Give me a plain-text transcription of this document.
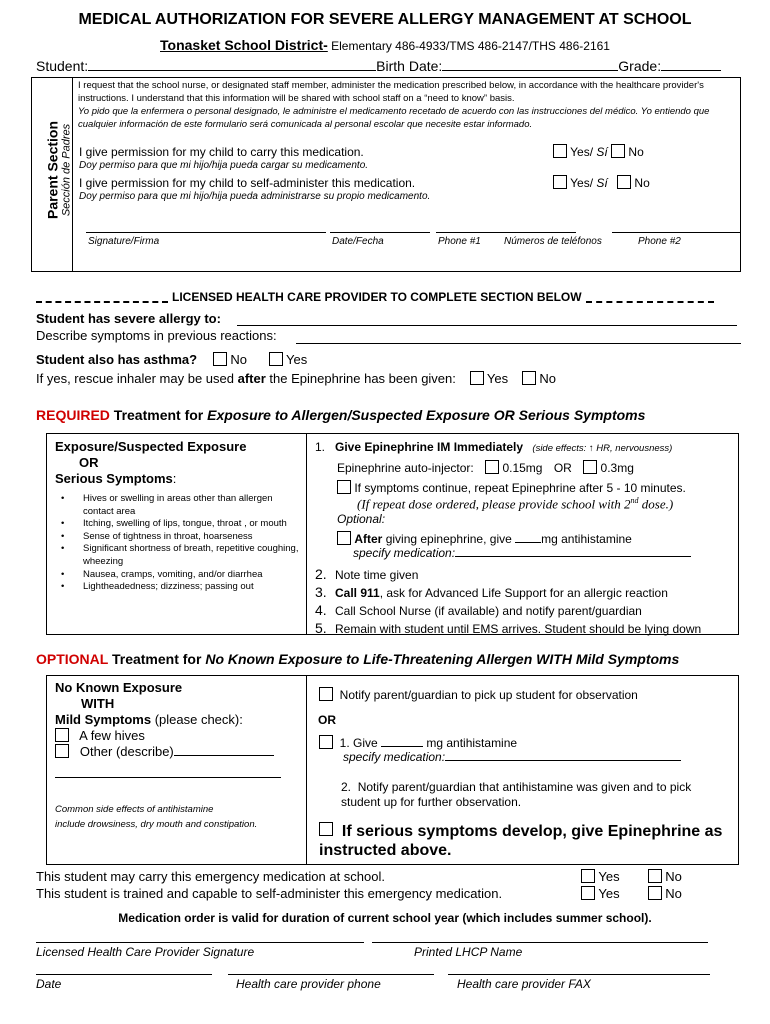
MEDICAL AUTHORIZATION FOR SEVERE ALLERGY MANAGEMENT AT SCHOOL
Tonasket School District- Elementary 486-4933/TMS 486-2147/THS 486-2161
Student:	Birth Date:	Grade:
Parent Section Sección de Padres
I request that the school nurse, or designated staff member, administer the medication prescribed below, in accordance with the healthcare provider's instructions. I understand that this information will be shared with school staff on a “need to know” basis.
Yo pido que la enfermera o personal designado, le administre el medicamento recetado de acuerdo con las instrucciones del médico. Yo entiendo que cualquier información de este formulario será comunicada al personal escolar que necesite estar informado.
I give permission for my child to carry this medication.
Doy permiso para que mi hijo/hija pueda cargar su medicamento.
Yes/ Sí No
I give permission for my child to self-administer this medication.
Doy permiso para que mi hijo/hija pueda administrarse su propio medicamento.
Yes/ Sí No
Signature/Firma	Date/Fecha	Phone #1 Números de teléfonos	Phone #2
LICENSED HEALTH CARE PROVIDER TO COMPLETE SECTION BELOW
Student has severe allergy to:
Describe symptoms in previous reactions:
Student also has asthma?	No	Yes
If yes, rescue inhaler may be used after the Epinephrine has been given: Yes No
REQUIRED Treatment for Exposure to Allergen/Suspected Exposure OR Serious Symptoms
Exposure/Suspected Exposure
OR
Serious Symptoms:
• Hives or swelling in areas other than allergen contact area
• Itching, swelling of lips, tongue, throat , or mouth
• Sense of tightness in throat, hoarseness
• Significant shortness of breath, repetitive coughing, wheezing
• Nausea, cramps, vomiting, and/or diarrhea
• Lightheadedness; dizziness; passing out
1. Give Epinephrine IM Immediately (side effects: ↑ HR, nervousness)
Epinephrine auto-injector: 0.15mg OR 0.3mg
If symptoms continue, repeat Epinephrine after 5 - 10 minutes.
(If repeat dose ordered, please provide school with 2nd dose.)
Optional:
After giving epinephrine, give mg antihistamine
specify medication:
2. Note time given
3. Call 911, ask for Advanced Life Support for an allergic reaction
4. Call School Nurse (if available) and notify parent/guardian
5. Remain with student until EMS arrives. Student should be lying down
OPTIONAL Treatment for No Known Exposure to Life-Threatening Allergen WITH Mild Symptoms
No Known Exposure
WITH
Mild Symptoms (please check):
A few hives
Other (describe)
Common side effects of antihistamine
include drowsiness, dry mouth and constipation.
Notify parent/guardian to pick up student for observation
OR
1. Give	mg antihistamine
specify medication:
2. Notify parent/guardian that antihistamine was given and to pick student up for further observation.
If serious symptoms develop, give Epinephrine as instructed above.
This student may carry this emergency medication at school.
This student is trained and capable to self-administer this emergency medication.
Yes	No
Yes	No
Medication order is valid for duration of current school year (which includes summer school).
Licensed Health Care Provider Signature	Printed LHCP Name
Date	Health care provider phone	Health care provider FAX
